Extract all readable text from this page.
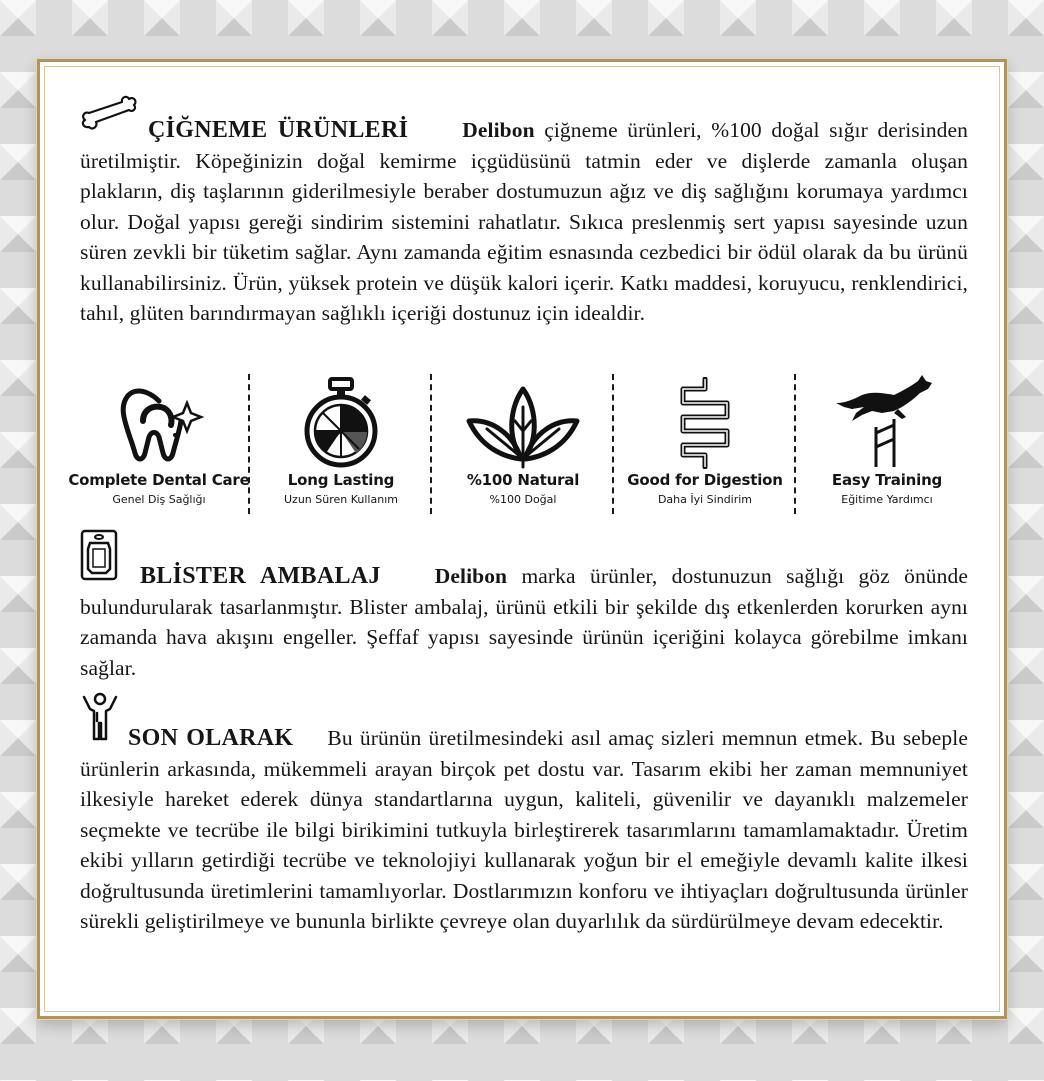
ÇİĞNEME ÜRÜNLERİ	Delibon çiğneme ürünleri, %100 doğal sığır derisinden üretilmiştir. Köpeğinizin doğal kemirme içgüdüsünü tatmin eder ve dişlerde zamanla oluşan plakların, diş taşlarının giderilmesiyle beraber dostumuzun ağız ve diş sağlığını korumaya yardımcı olur. Doğal yapısı gereği sindirim sistemini rahatlatır. Sıkıca preslenmiş sert yapısı sayesinde uzun süren zevkli bir tüketim sağlar. Aynı zamanda eğitim esnasında cezbedici bir ödül olarak da bu ürünü kullanabilirsiniz. Ürün, yüksek protein ve düşük kalori içerir. Katkı maddesi, koruyucu, renklendirici, tahıl, glüten barındırmayan sağlıklı içeriği dostunuz için idealdir.
Complete Dental Care
Genel Diş Sağlığı
Long Lasting
Uzun Süren Kullanım
%100 Natural
%100 Doğal
Good for Digestion
Daha İyi Sindirim
Easy Training
Eğitime Yardımcı
BLİSTER AMBALAJ	Delibon marka ürünler, dostunuzun sağlığı göz önünde bulundurularak tasarlanmıştır. Blister ambalaj, ürünü etkili bir şekilde dış etkenlerden korurken aynı zamanda hava akışını engeller. Şeffaf yapısı sayesinde ürünün içeriğini kolayca görebilme imkanı sağlar.
SON OLARAK Bu ürünün üretilmesindeki asıl amaç sizleri memnun etmek. Bu sebeple ürünlerin arkasında, mükemmeli arayan birçok pet dostu var. Tasarım ekibi her zaman memnuniyet ilkesiyle hareket ederek dünya standartlarına uygun, kaliteli, güvenilir ve dayanıklı malzemeler seçmekte ve tecrübe ile bilgi birikimini tutkuyla birleştirerek tasarımlarını tamamlamaktadır. Üretim ekibi yılların getirdiği tecrübe ve teknolojiyi kullanarak yoğun bir el emeğiyle devamlı kalite ilkesi doğrultusunda üretimlerini tamamlıyorlar. Dostlarımızın konforu ve ihtiyaçları doğrultusunda ürünler sürekli geliştirilmeye ve bununla birlikte çevreye olan duyarlılık da sürdürülmeye devam edecektir.
